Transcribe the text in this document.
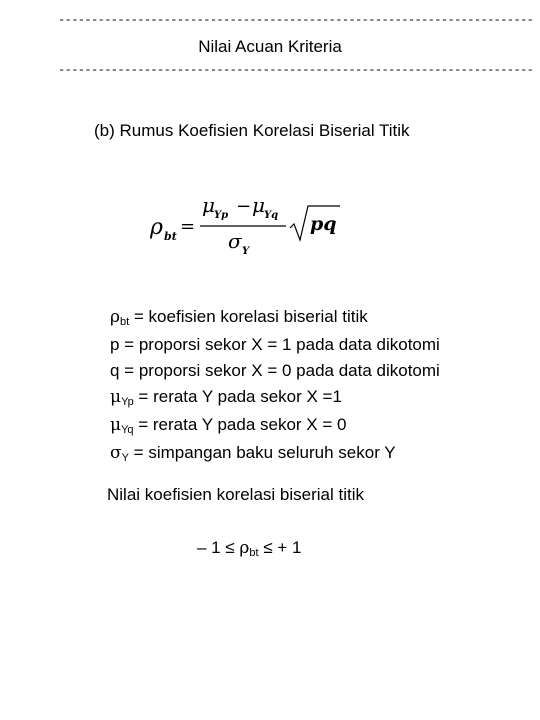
------------------------------------------------------------------------
Nilai Acuan Kriteria
------------------------------------------------------------------------
(b) Rumus Koefisien Korelasi Biserial Titik
ρ bt =
μ Yp − μ Yq
σ Y
pq
ρbt = koefisien korelasi biserial titik
p = proporsi sekor X = 1 pada data dikotomi
q = proporsi sekor X = 0 pada data dikotomi
μYp = rerata Y pada sekor X =1
μYq = rerata Y pada sekor X = 0
σY = simpangan baku seluruh sekor Y
Nilai koefisien korelasi biserial titik
– 1 ≤ ρbt ≤ + 1
